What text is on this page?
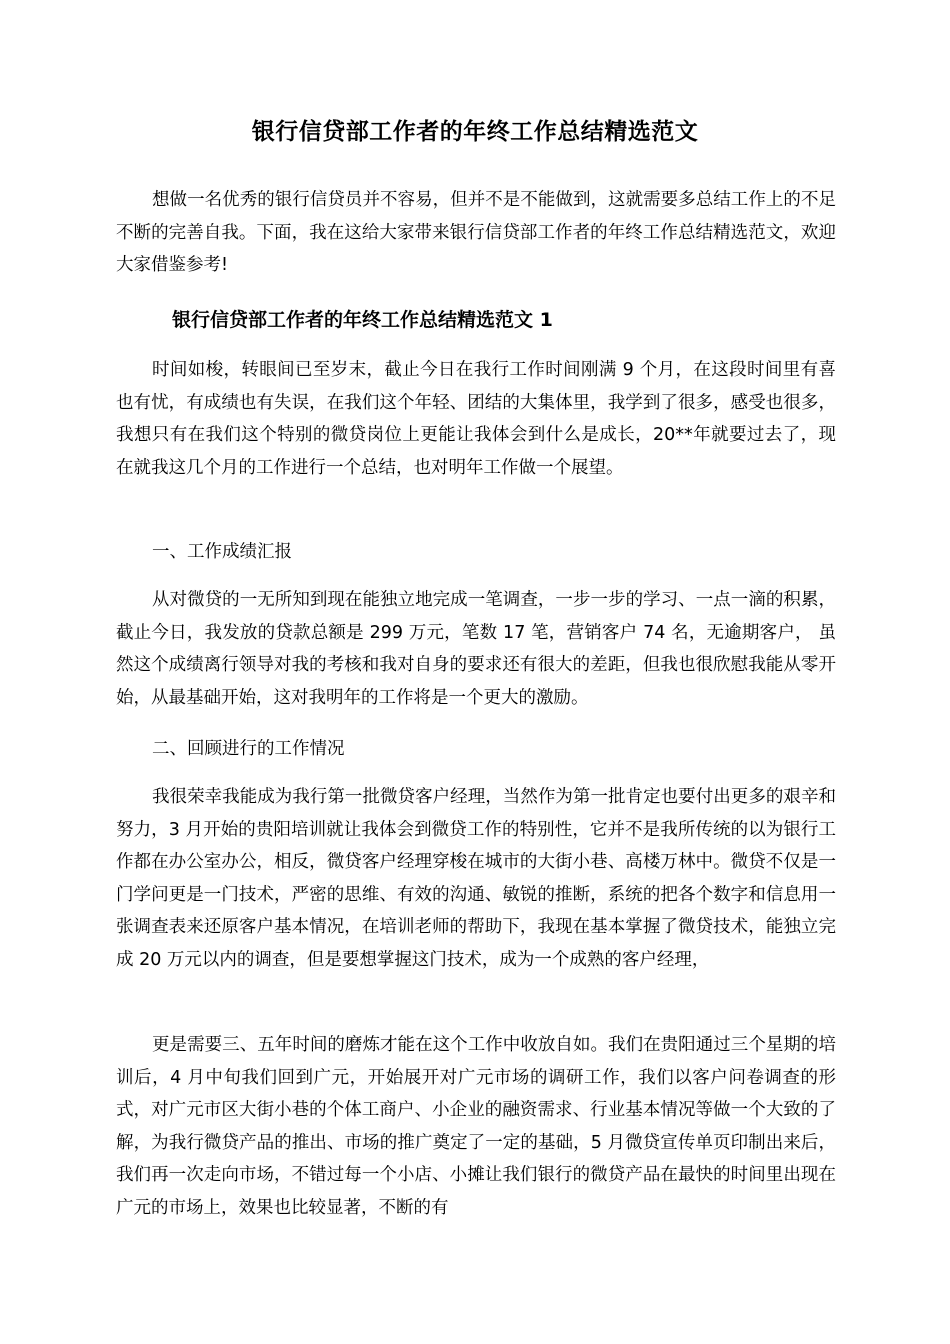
银行信贷部工作者的年终工作总结精选范文

想做一名优秀的银行信贷员并不容易，但并不是不能做到，这就需要多总结工作上的不足不断的完善自我。下面，我在这给大家带来银行信贷部工作者的年终工作总结精选范文，欢迎大家借鉴参考!

银行信贷部工作者的年终工作总结精选范文 1

时间如梭，转眼间已至岁末，截止今日在我行工作时间刚满 9 个月，在这段时间里有喜也有忧，有成绩也有失误，在我们这个年轻、团结的大集体里，我学到了很多，感受也很多，我想只有在我们这个特别的微贷岗位上更能让我体会到什么是成长，20**年就要过去了，现在就我这几个月的工作进行一个总结，也对明年工作做一个展望。

一、工作成绩汇报

从对微贷的一无所知到现在能独立地完成一笔调查，一步一步的学习、一点一滴的积累，截止今日，我发放的贷款总额是 299 万元，笔数 17 笔，营销客户 74 名，无逾期客户， 虽然这个成绩离行领导对我的考核和我对自身的要求还有很大的差距，但我也很欣慰我能从零开始，从最基础开始，这对我明年的工作将是一个更大的激励。

二、回顾进行的工作情况

我很荣幸我能成为我行第一批微贷客户经理，当然作为第一批肯定也要付出更多的艰辛和努力，3 月开始的贵阳培训就让我体会到微贷工作的特别性，它并不是我所传统的以为银行工作都在办公室办公，相反，微贷客户经理穿梭在城市的大街小巷、高楼万林中。微贷不仅是一门学问更是一门技术，严密的思维、有效的沟通、敏锐的推断，系统的把各个数字和信息用一张调查表来还原客户基本情况，在培训老师的帮助下，我现在基本掌握了微贷技术，能独立完成 20 万元以内的调查，但是要想掌握这门技术，成为一个成熟的客户经理，

更是需要三、五年时间的磨炼才能在这个工作中收放自如。我们在贵阳通过三个星期的培训后，4 月中旬我们回到广元，开始展开对广元市场的调研工作，我们以客户问卷调查的形式，对广元市区大街小巷的个体工商户、小企业的融资需求、行业基本情况等做一个大致的了解，为我行微贷产品的推出、市场的推广奠定了一定的基础，5 月微贷宣传单页印制出来后，我们再一次走向市场，不错过每一个小店、小摊让我们银行的微贷产品在最快的时间里出现在广元的市场上，效果也比较显著，不断的有
